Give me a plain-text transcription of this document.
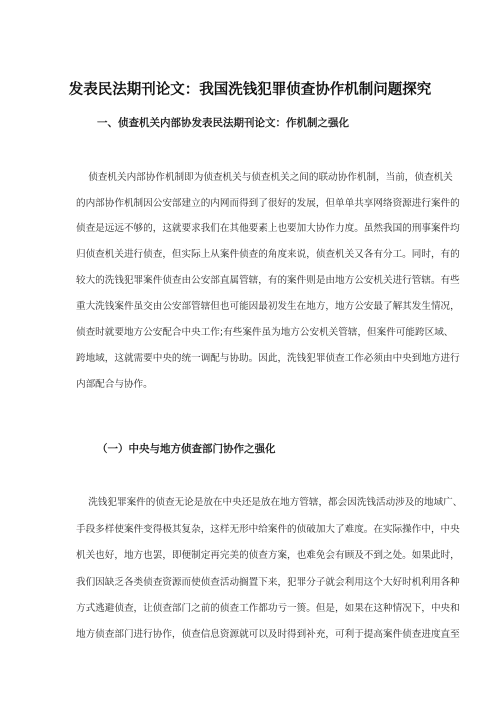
发表民法期刊论文：我国洗钱犯罪侦查协作机制问题探究
一、侦查机关内部协发表民法期刊论文：作机制之强化
侦查机关内部协作机制即为侦查机关与侦查机关之间的联动协作机制，当前，侦查机关
的内部协作机制因公安部建立的内网而得到了很好的发展，但单单共享网络资源进行案件的
侦查是远远不够的，这就要求我们在其他要素上也要加大协作力度。虽然我国的刑事案件均
归侦查机关进行侦查，但实际上从案件侦查的角度来说，侦查机关又各有分工。同时，有的
较大的洗钱犯罪案件侦查由公安部直属管辖，有的案件则是由地方公安机关进行管辖。有些
重大洗钱案件虽交由公安部管辖但也可能因最初发生在地方，地方公安最了解其发生情况，
侦查时就要地方公安配合中央工作;有些案件虽为地方公安机关管辖，但案件可能跨区域、
跨地域，这就需要中央的统一调配与协助。因此，洗钱犯罪侦查工作必须由中央到地方进行
内部配合与协作。
（一）中央与地方侦查部门协作之强化
洗钱犯罪案件的侦查无论是放在中央还是放在地方管辖，都会因洗钱活动涉及的地域广、
手段多样使案件变得极其复杂，这样无形中给案件的侦破加大了难度。在实际操作中，中央
机关也好，地方也罢，即便制定再完美的侦查方案，也难免会有顾及不到之处。如果此时，
我们因缺乏各类侦查资源而使侦查活动搁置下来，犯罪分子就会利用这个大好时机利用各种
方式逃避侦查，让侦查部门之前的侦查工作都功亏一篑。但是，如果在这种情况下，中央和
地方侦查部门进行协作，侦查信息资源就可以及时得到补充，可利于提高案件侦查进度直至
